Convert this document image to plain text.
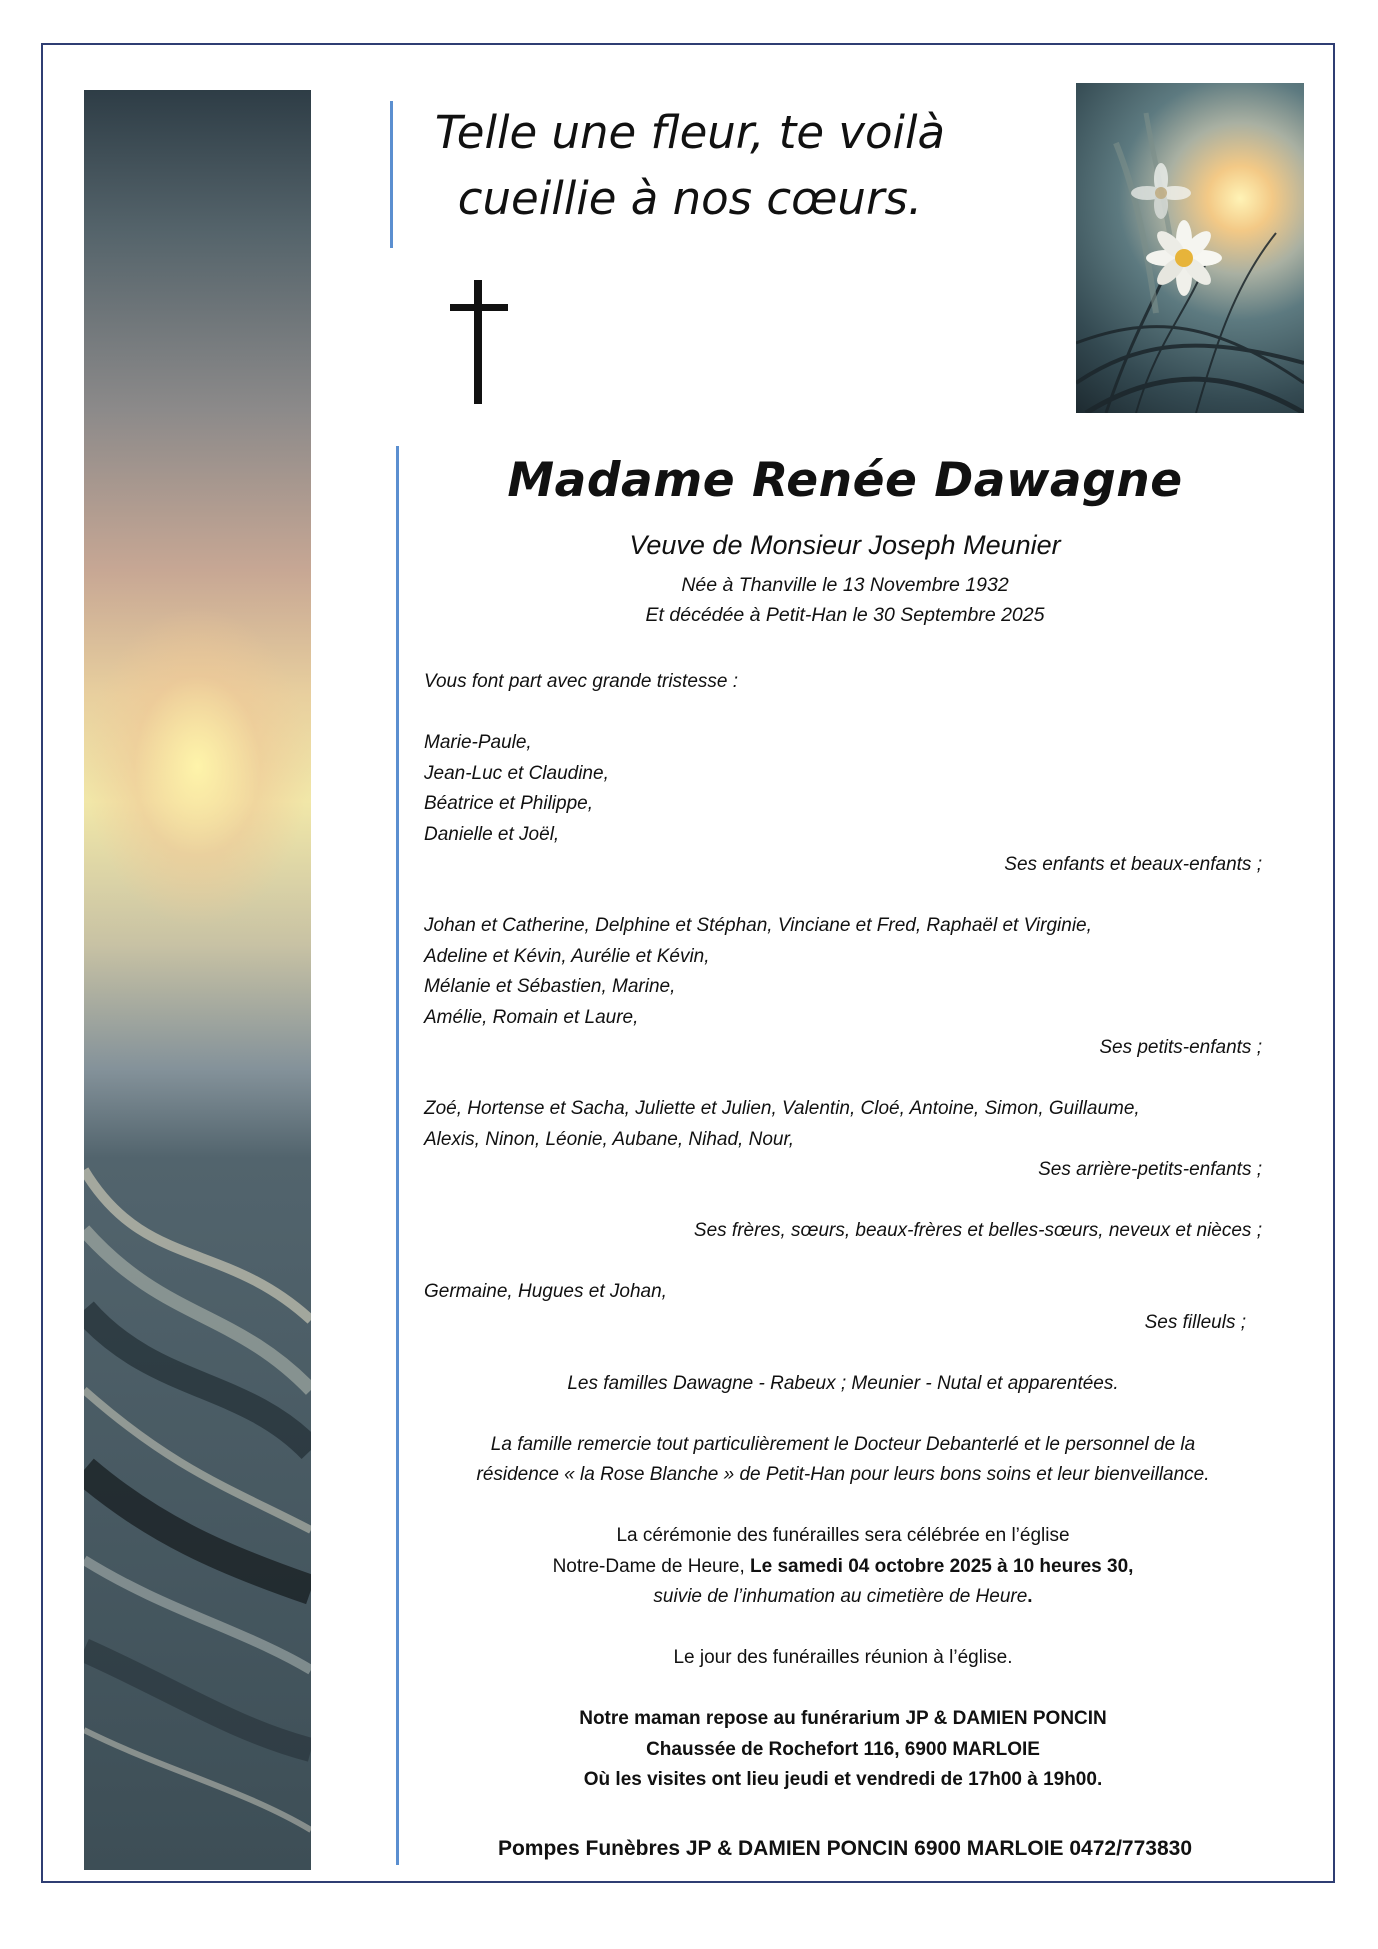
Telle une fleur, te voilà
cueillie à nos cœurs.
Madame Renée Dawagne
Veuve de Monsieur Joseph Meunier
Née à Thanville le 13 Novembre 1932
Et décédée à Petit-Han le 30 Septembre 2025
Vous font part avec grande tristesse :
Marie-Paule,
Jean-Luc et Claudine,
Béatrice et Philippe,
Danielle et Joël,
Ses enfants et beaux-enfants ;
Johan et Catherine, Delphine et Stéphan, Vinciane et Fred, Raphaël et Virginie,
Adeline et Kévin, Aurélie et Kévin,
Mélanie et Sébastien, Marine,
Amélie, Romain et Laure,
Ses petits-enfants ;
Zoé, Hortense et Sacha, Juliette et Julien, Valentin, Cloé, Antoine, Simon, Guillaume,
Alexis, Ninon, Léonie, Aubane, Nihad, Nour,
Ses arrière-petits-enfants ;
Ses frères, sœurs, beaux-frères et belles-sœurs, neveux et nièces ;
Germaine, Hugues et Johan,
Ses filleuls ;
Les familles Dawagne - Rabeux ; Meunier - Nutal et apparentées.
La famille remercie tout particulièrement le Docteur Debanterlé et le personnel de la
résidence « la Rose Blanche » de Petit-Han pour leurs bons soins et leur bienveillance.
La cérémonie des funérailles sera célébrée en l’église
Notre-Dame de Heure, Le samedi 04 octobre 2025 à 10 heures 30,
suivie de l’inhumation au cimetière de Heure.
Le jour des funérailles réunion à l’église.
Notre maman repose au funérarium JP & DAMIEN PONCIN
Chaussée de Rochefort 116, 6900 MARLOIE
Où les visites ont lieu jeudi et vendredi de 17h00 à 19h00.
Pompes Funèbres JP & DAMIEN PONCIN 6900 MARLOIE 0472/773830
